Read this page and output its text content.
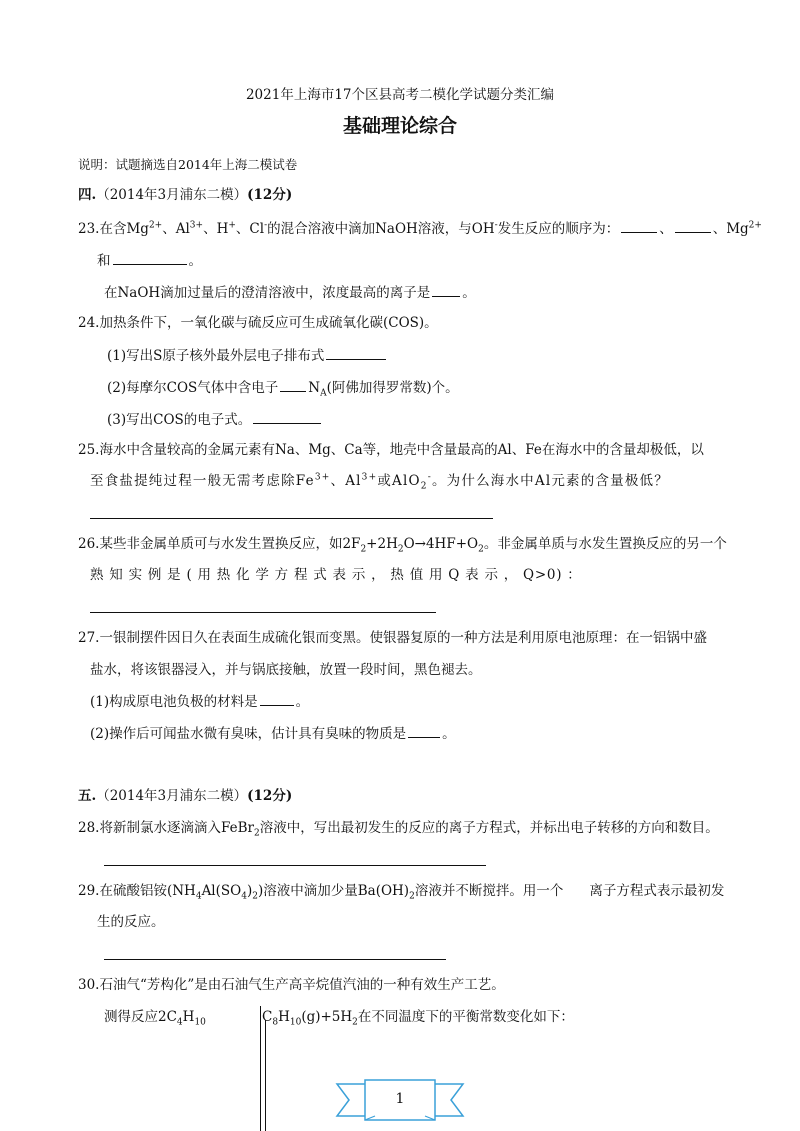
2021年上海市17个区县高考二模化学试题分类汇编
基础理论综合
说明：试题摘选自2014年上海二模试卷
四.（2014年3月浦东二模）(12分)
23.在含$Mg^{2+}$、$Al^{3+}$、H+、Cl-的混合溶液中滴加NaOH溶液，与OH-发生反应的顺序为：	、	、$Mg^{2+}$
和	。
在NaOH滴加过量后的澄清溶液中，浓度最高的离子是 。
24.加热条件下，一氧化碳与硫反应可生成硫氧化碳(COS)。
(1)写出S原子核外最外层电子排布式
(2)每摩尔COS气体中含电子 $N_A$(阿佛加得罗常数)个。
(3)写出COS的电子式。
25.海水中含量较高的金属元素有Na、Mg、Ca等，地壳中含量最高的Al、Fe在海水中的含量却极低，以
至食盐提纯过程一般无需考虑除$Fe^{3+}$、$Al^{3+}$或AlO$_2$-。为什么海水中Al元素的含量极低？
26.某些非金属单质可与水发生置换反应，如$2F_2+2H_2O\to 4HF+O_2$。非金属单质与水发生置换反应的另一个
熟 知 实 例 是 ( 用 热 化 学 方 程 式 表 示 ， 热 值 用 Q 表 示 ， Q>0) ：
27.一银制摆件因日久在表面生成硫化银而变黑。使银器复原的一种方法是利用原电池原理：在一铝锅中盛
盐水，将该银器浸入，并与锅底接触，放置一段时间，黑色褪去。
(1)构成原电池负极的材料是	。
(2)操作后可闻盐水微有臭味，估计具有臭味的物质是	。
五.（2014年3月浦东二模）(12分)
28.将新制氯水逐滴滴入FeBr$_2$溶液中，写出最初发生的反应的离子方程式，并标出电子转移的方向和数目。
29.在硫酸铝铵$(NH_4Al(SO_4)_2)$溶液中滴加少量$Ba(OH)_2$溶液并不断搅拌。用一个 离子方程式表示最初发
生的反应。
30.石油气“芳构化”是由石油气生产高辛烷值汽油的一种有效生产工艺。
测得反应$2C_4H_{10}$	$C_8H_{10}(g)+5H_2$在不同温度下的平衡常数变化如下：
1
